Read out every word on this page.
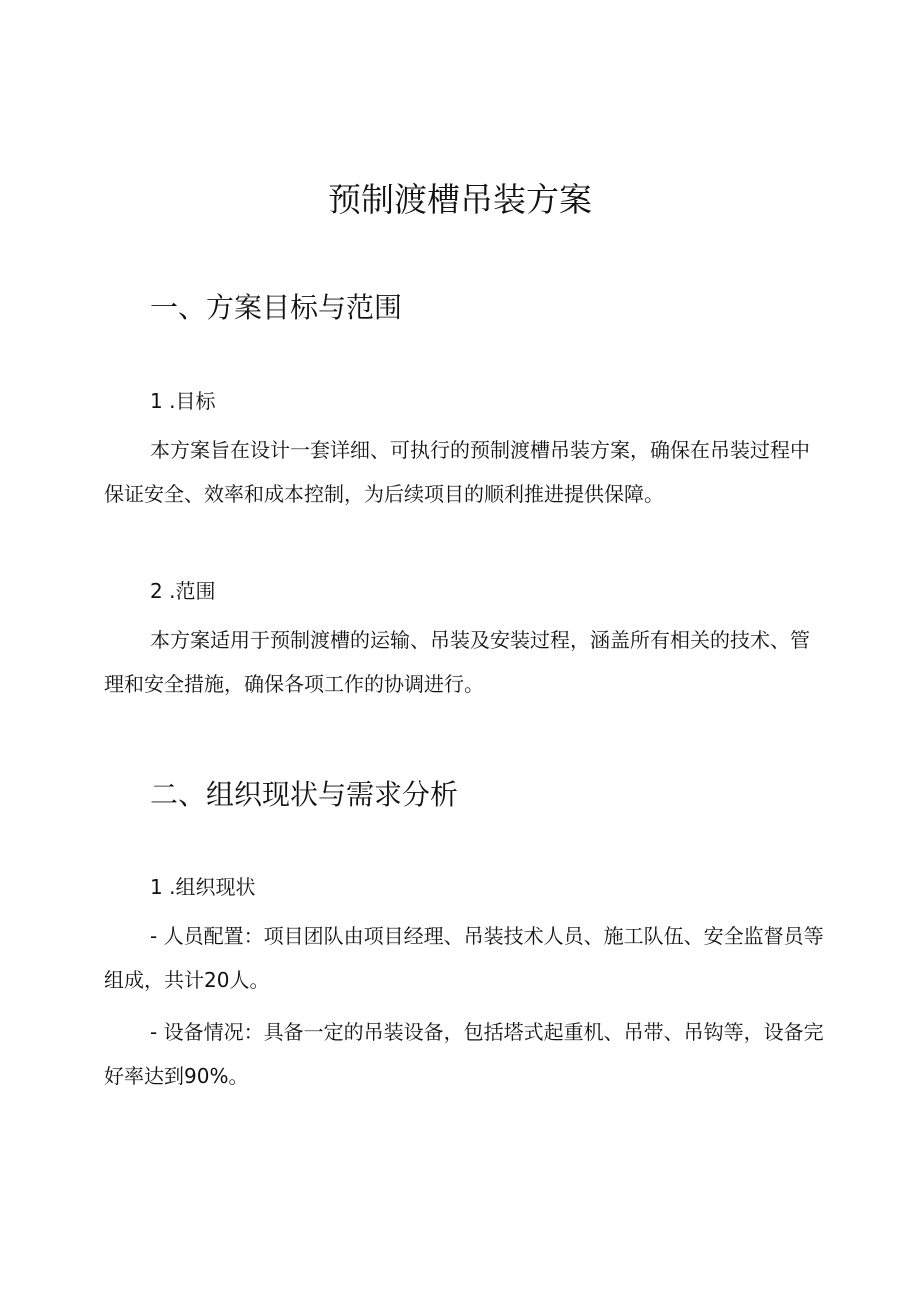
预制渡槽吊装方案
一、方案目标与范围
1 .目标
本方案旨在设计一套详细、可执行的预制渡槽吊装方案，确保在吊装过程中保证安全、效率和成本控制，为后续项目的顺利推进提供保障。
2 .范围
本方案适用于预制渡槽的运输、吊装及安装过程，涵盖所有相关的技术、管理和安全措施，确保各项工作的协调进行。
二、组织现状与需求分析
1 .组织现状
- 人员配置：项目团队由项目经理、吊装技术人员、施工队伍、安全监督员等组成，共计20人。
- 设备情况：具备一定的吊装设备，包括塔式起重机、吊带、吊钩等，设备完好率达到90%。
